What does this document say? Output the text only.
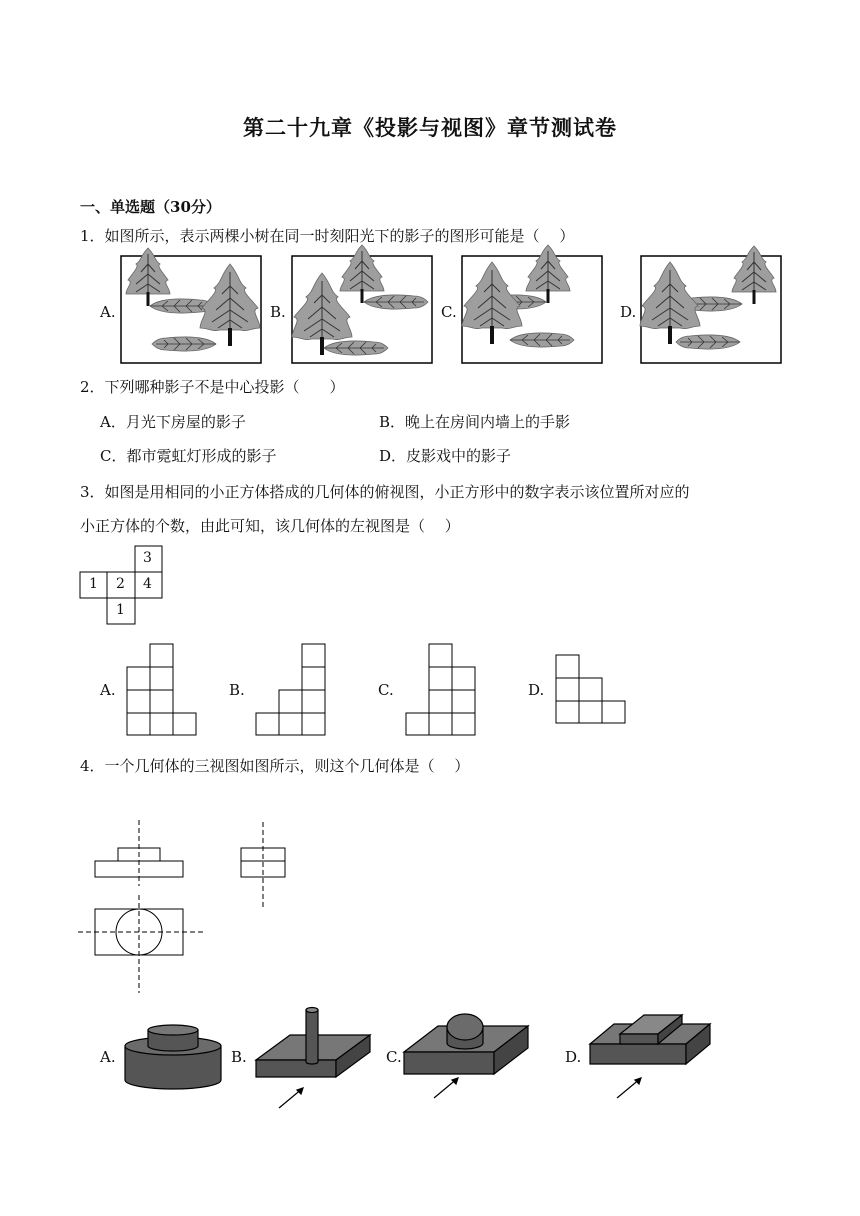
第二十九章《投影与视图》章节测试卷
一、单选题（30分）
1．如图所示，表示两棵小树在同一时刻阳光下的影子的图形可能是（　 ）
A.	B.	C.	D.
2．下列哪种影子不是中心投影（　　）
A．月光下房屋的影子	B．晚上在房间内墙上的手影
C．都市霓虹灯形成的影子	D．皮影戏中的影子
3．如图是用相同的小正方体搭成的几何体的俯视图，小正方形中的数字表示该位置所对应的
小正方体的个数，由此可知，该几何体的左视图是（　 ）
3
1 2 4
1
A.	B.	C.	D.
4．一个几何体的三视图如图所示，则这个几何体是（　 ）
A.	B.	C.	D.
